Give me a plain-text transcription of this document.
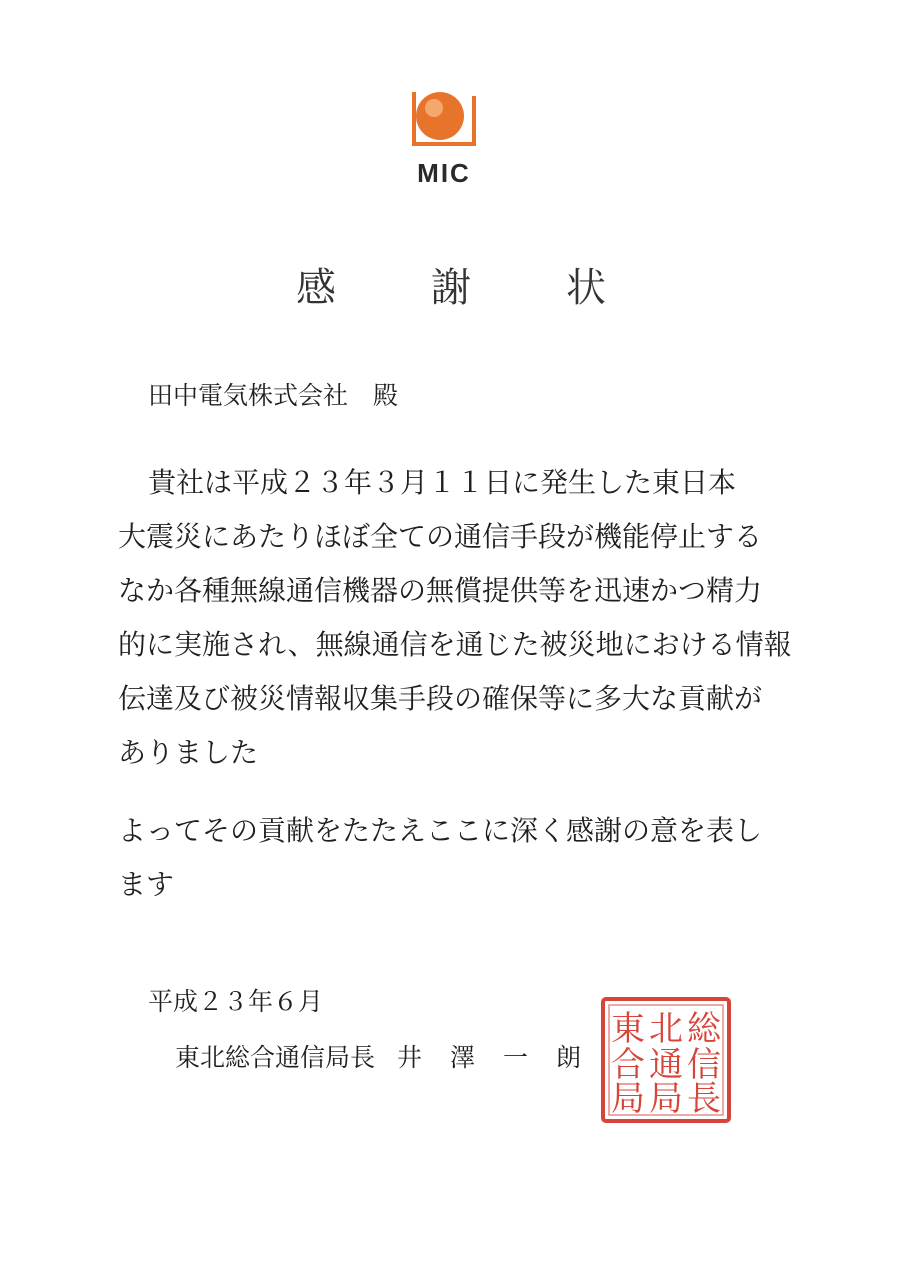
MIC
感 謝 状
田中電気株式会社　殿

貴社は平成２３年３月１１日に発生した東日本
大震災にあたりほぼ全ての通信手段が機能停止する
なか各種無線通信機器の無償提供等を迅速かつ精力
的に実施され、無線通信を通じた被災地における情報
伝達及び被災情報収集手段の確保等に多大な貢献が
ありました

よってその貢献をたたえここに深く感謝の意を表し
ます

平成２３年６月
東北総合通信局長 井澤一朗
総
信
長
北
通
局
東
合
局
